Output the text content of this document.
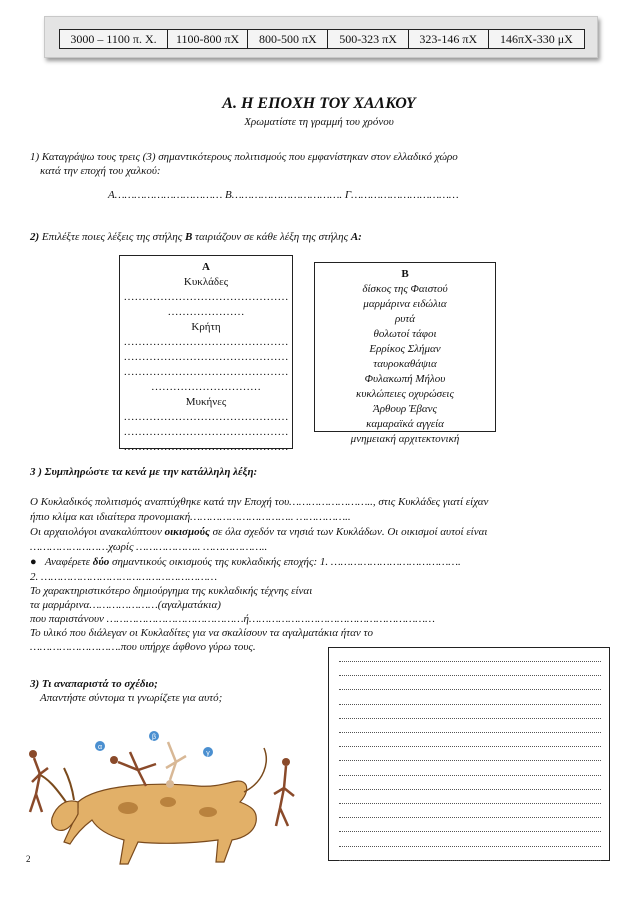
3000 – 1100 π. Χ.	1100-800 πΧ	800-500 πΧ	500-323 πΧ	323-146 πΧ	146πΧ-330 μΧ
Α. Η ΕΠΟΧΗ ΤΟΥ ΧΑΛΚΟΥ
Χρωματίστε τη γραμμή του χρόνου
1) Καταγράψω τους τρεις (3) σημαντικότερους πολιτισμούς που εμφανίστηκαν στον ελλαδικό χώρο
κατά την εποχή του χαλκού:
Α…………………………… Β……………………………. Γ……………………………
2) Επιλέξτε ποιες λέξεις της στήλης Β ταιριάζουν σε κάθε λέξη της στήλης Α:
Α
Κυκλάδες
………………………………………
…………………
Κρήτη
………………………………………
………………………………………
………………………………………
…………………………
Μυκήνες
………………………………………
………………………………………
………………………………………
Β
δίσκος της Φαιστού
μαρμάρινα ειδώλια
ρυτά
θολωτοί τάφοι
Ερρίκος Σλήμαν
ταυροκαθάψια
Φυλακωπή Μήλου
κυκλώπειες οχυρώσεις
Άρθουρ Έβανς
καμαραϊκά αγγεία
μνημειακή αρχιτεκτονική
3 ) Συμπληρώστε τα κενά με την κατάλληλη λέξη:
Ο Κυκλαδικός πολιτισμός αναπτύχθηκε κατά την Εποχή του…………………….., στις Κυκλάδες γιατί είχαν
ήπιο κλίμα και ιδιαίτερα προνομιακή………………………….. ……………..
Οι αρχαιολόγοι ανακαλύπτουν οικισμούς σε όλα σχεδόν τα νησιά των Κυκλάδων. Οι οικισμοί αυτοί είναι
……………………χωρίς ……………….. ………………..
●   Αναφέρετε δύο σημαντικούς οικισμούς της κυκλαδικής εποχής: 1. ………………………………….
2. ………………………………………………
Το χαρακτηριστικότερο δημιούργημα της κυκλαδικής τέχνης είναι
τα μαρμάρινα…………………(αγαλματάκια)
που παριστάνουν ……………………………………ή…………………………………………………
Το υλικό που διάλεγαν οι Κυκλαδίτες για να σκαλίσουν τα αγαλματάκια ήταν το
……………………….που υπήρχε άφθονο γύρω τους.
3) Τι αναπαριστά το σχέδιο;
Απαντήστε σύντομα τι γνωρίζετε για αυτό;
α
β
γ
2
